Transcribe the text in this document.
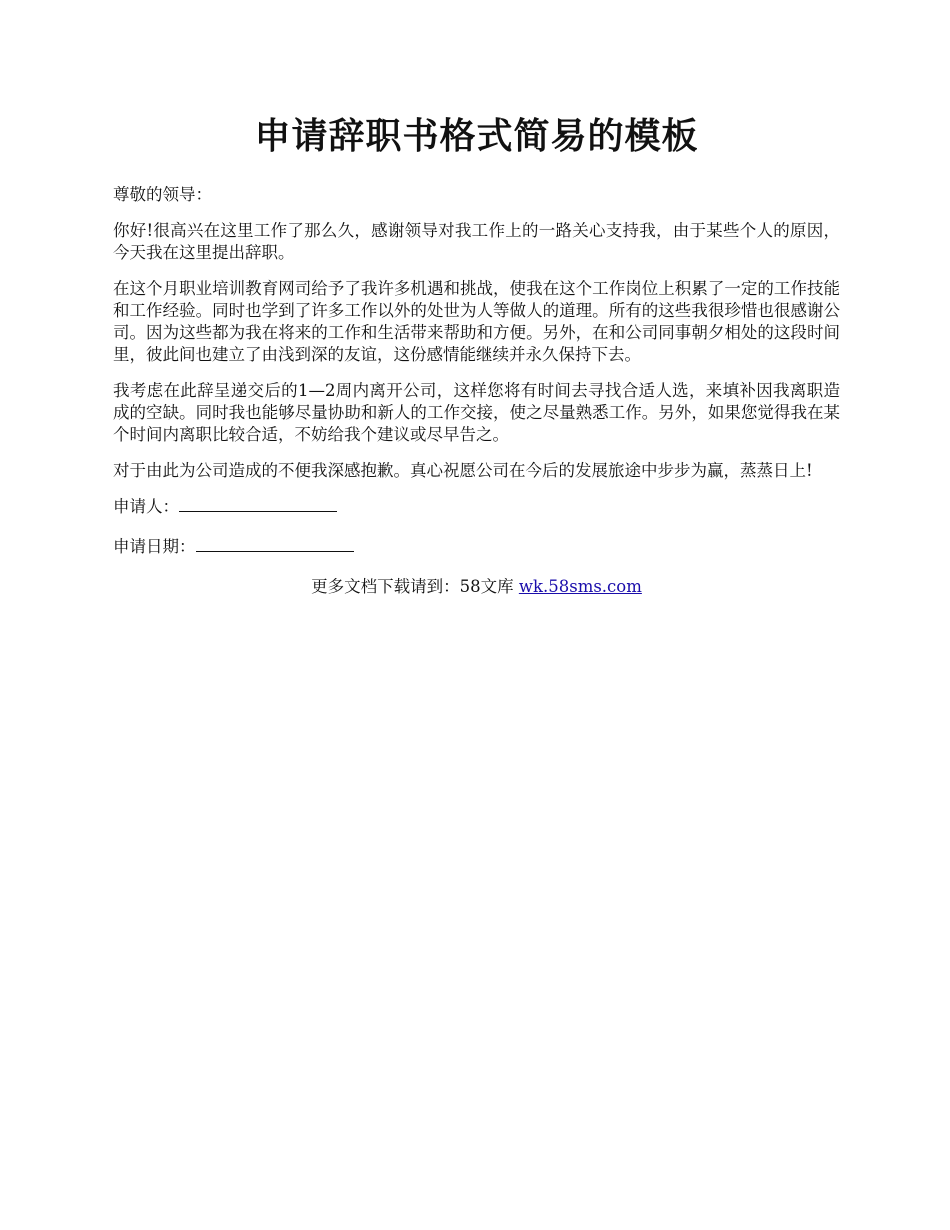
申请辞职书格式简易的模板

尊敬的领导：

你好!很高兴在这里工作了那么久，感谢领导对我工作上的一路关心支持我，由于某些个人的原因，今天我在这里提出辞职。

在这个月职业培训教育网司给予了我许多机遇和挑战，使我在这个工作岗位上积累了一定的工作技能和工作经验。同时也学到了许多工作以外的处世为人等做人的道理。所有的这些我很珍惜也很感谢公司。因为这些都为我在将来的工作和生活带来帮助和方便。另外，在和公司同事朝夕相处的这段时间里，彼此间也建立了由浅到深的友谊，这份感情能继续并永久保持下去。

我考虑在此辞呈递交后的1—2周内离开公司，这样您将有时间去寻找合适人选，来填补因我离职造成的空缺。同时我也能够尽量协助和新人的工作交接，使之尽量熟悉工作。另外，如果您觉得我在某个时间内离职比较合适，不妨给我个建议或尽早告之。

对于由此为公司造成的不便我深感抱歉。真心祝愿公司在今后的发展旅途中步步为赢，蒸蒸日上!

申请人：
申请日期：
更多文档下载请到：58文库 wk.58sms.com
